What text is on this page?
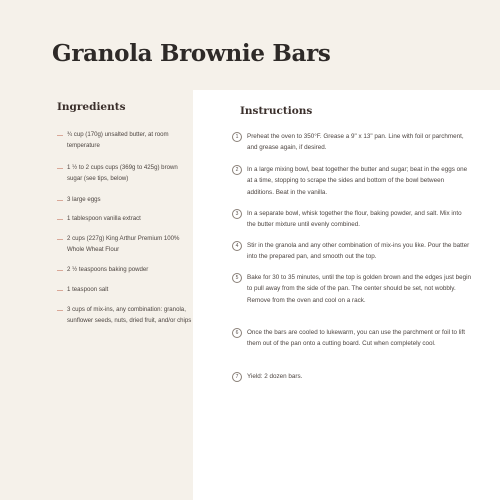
Granola Brownie Bars
Ingredients
¾ cup (170g) unsalted butter, at room temperature
1 ½ to 2 cups cups (369g to 425g) brown sugar (see tips, below)
3 large eggs
1 tablespoon vanilla extract
2 cups (227g) King Arthur Premium 100% Whole Wheat Flour
2 ½ teaspoons baking powder
1 teaspoon salt
3 cups of mix-ins, any combination: granola, sunflower seeds, nuts, dried fruit, and/or chips
Instructions
1	Preheat the oven to 350°F. Grease a 9" x 13" pan. Line with foil or parchment, and grease again, if desired.
2	In a large mixing bowl, beat together the butter and sugar; beat in the eggs one at a time, stopping to scrape the sides and bottom of the bowl between additions. Beat in the vanilla.
3	In a separate bowl, whisk together the flour, baking powder, and salt. Mix into the butter mixture until evenly combined.
4	Stir in the granola and any other combination of mix-ins you like. Pour the batter into the prepared pan, and smooth out the top.
5	Bake for 30 to 35 minutes, until the top is golden brown and the edges just begin to pull away from the side of the pan. The center should be set, not wobbly. Remove from the oven and cool on a rack.
6	Once the bars are cooled to lukewarm, you can use the parchment or foil to lift them out of the pan onto a cutting board. Cut when completely cool.
7	Yield: 2 dozen bars.
